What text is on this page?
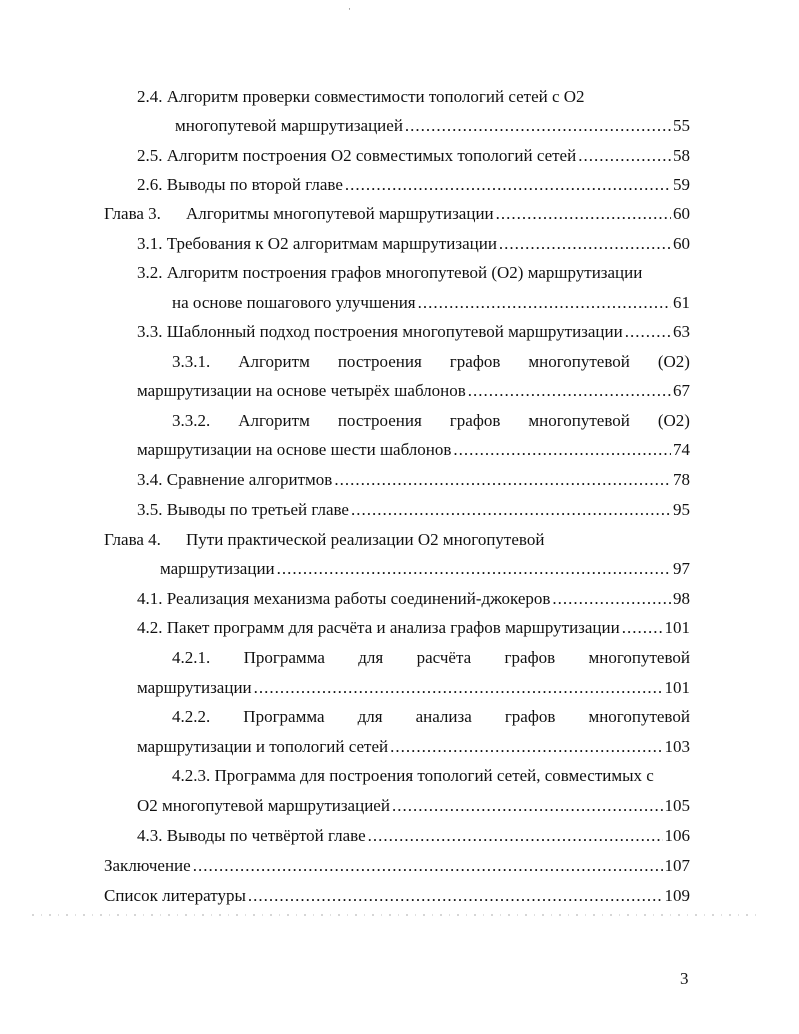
·
2.4. Алгоритм проверки совместимости топологий сетей с О2
многопутевой маршрутизацией .....	55
2.5. Алгоритм построения О2 совместимых топологий сетей .....	58
2.6. Выводы по второй главе .....	59
Глава 3.	Алгоритмы многопутевой маршрутизации .....	60
3.1. Требования к О2 алгоритмам маршрутизации .....	60
3.2. Алгоритм построения графов многопутевой (О2) маршрутизации
на основе пошагового улучшения .....	61
3.3. Шаблонный подход построения многопутевой маршрутизации .....	63
3.3.1. Алгоритм построения графов многопутевой (О2)
маршрутизации на основе четырёх шаблонов .....	67
3.3.2. Алгоритм построения графов многопутевой (О2)
маршрутизации на основе шести шаблонов .....	74
3.4. Сравнение алгоритмов .....	78
3.5. Выводы по третьей главе .....	95
Глава 4. Пути практической реализации О2 многопутевой
маршрутизации .....	97
4.1. Реализация механизма работы соединений-джокеров .....	98
4.2. Пакет программ для расчёта и анализа графов маршрутизации .....	101
4.2.1. Программа для расчёта графов многопутевой
маршрутизации .....	101
4.2.2. Программа для анализа графов многопутевой
маршрутизации и топологий сетей .....	103
4.2.3. Программа для построения топологий сетей, совместимых с
О2 многопутевой маршрутизацией .....	105
4.3. Выводы по четвёртой главе .....	106
Заключение .....	107
Список литературы .....	109
3
